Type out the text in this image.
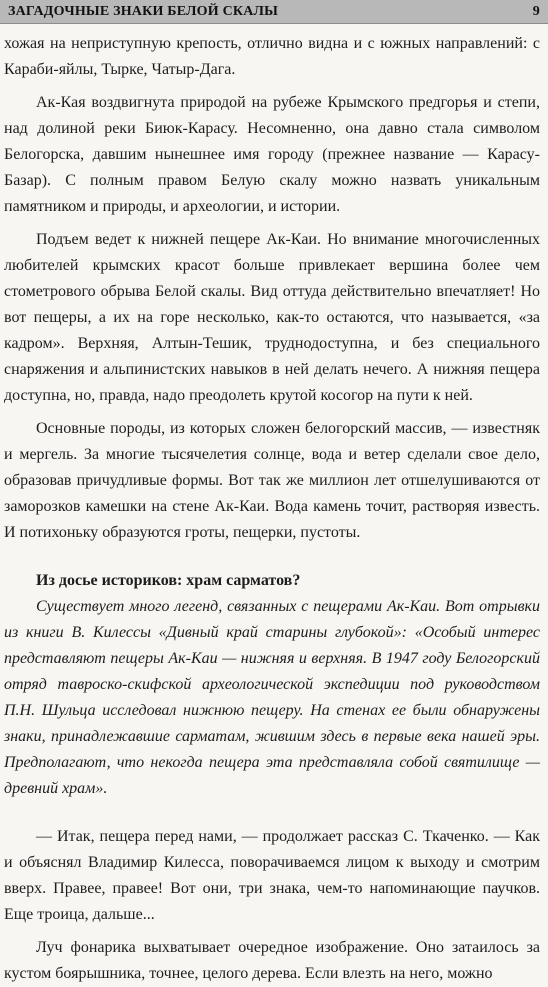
ЗАГАДОЧНЫЕ ЗНАКИ БЕЛОЙ СКАЛЫ	9

хожая на неприступную крепость, отлично видна и с южных направлений: с Караби-яйлы, Тырке, Чатыр-Дага.

Ак-Кая воздвигнута природой на рубеже Крымского предгорья и степи, над долиной реки Биюк-Карасу. Несомненно, она давно стала символом Белогорска, давшим нынешнее имя городу (прежнее название — Карасу-Базар). С полным правом Белую скалу можно назвать уникальным памятником и природы, и археологии, и истории.

Подъем ведет к нижней пещере Ак-Каи. Но внимание многочисленных любителей крымских красот больше привлекает вершина более чем стометрового обрыва Белой скалы. Вид оттуда действительно впечатляет! Но вот пещеры, а их на горе несколько, как-то остаются, что называется, «за кадром». Верхняя, Алтын-Тешик, труднодоступна, и без специального снаряжения и альпинистских навыков в ней делать нечего. А нижняя пещера доступна, но, правда, надо преодолеть крутой косогор на пути к ней.

Основные породы, из которых сложен белогорский массив, — известняк и мергель. За многие тысячелетия солнце, вода и ветер сделали свое дело, образовав причудливые формы. Вот так же миллион лет отшелушиваются от заморозков камешки на стене Ак-Каи. Вода камень точит, растворяя известь. И потихоньку образуются гроты, пещерки, пустоты.

Из досье историков: храм сарматов?

Существует много легенд, связанных с пещерами Ак-Каи. Вот отрывки из книги В. Килессы «Дивный край старины глубокой»: «Особый интерес представляют пещеры Ак-Каи — нижняя и верхняя. В 1947 году Белогорский отряд тавроско-скифской археологической экспедиции под руководством П.Н. Шульца исследовал нижнюю пещеру. На стенах ее были обнаружены знаки, принадлежавшие сарматам, жившим здесь в первые века нашей эры. Предполагают, что некогда пещера эта представляла собой святилище — древний храм».

— Итак, пещера перед нами, — продолжает рассказ С. Ткаченко. — Как и объяснял Владимир Килесса, поворачиваемся лицом к выходу и смотрим вверх. Правее, правее! Вот они, три знака, чем-то напоминающие паучков. Еще троица, дальше...

Луч фонарика выхватывает очередное изображение. Оно затаилось за кустом боярышника, точнее, целого дерева. Если влезть на него, можно
